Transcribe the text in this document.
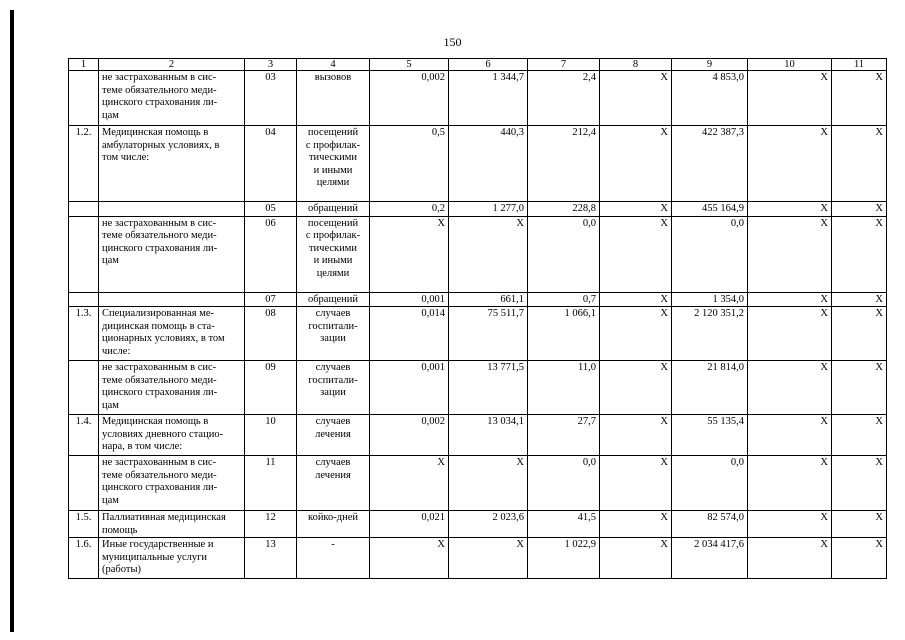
150
1	2	3	4	5	6	7	8	9	10	11
	не застрахованным в сис-
теме обязательного меди-
цинского страхования ли-
цам	03	вызовов	0,002	1 344,7	2,4	X	4 853,0	X	X
1.2.	Медицинская помощь в
амбулаторных условиях, в
том числе:	04	посещений
с профилак-
тическими
и иными
целями	0,5	440,3	212,4	X	422 387,3	X	X
		05	обращений	0,2	1 277,0	228,8	X	455 164,9	X	X
	не застрахованным в сис-
теме обязательного меди-
цинского страхования ли-
цам	06	посещений
с профилак-
тическими
и иными
целями	X	X	0,0	X	0,0	X	X
		07	обращений	0,001	661,1	0,7	X	1 354,0	X	X
1.3.	Специализированная ме-
дицинская помощь в ста-
ционарных условиях, в том
числе:	08	случаев
госпитали-
зации	0,014	75 511,7	1 066,1	X	2 120 351,2	X	X
	не застрахованным в сис-
теме обязательного меди-
цинского страхования ли-
цам	09	случаев
госпитали-
зации	0,001	13 771,5	11,0	X	21 814,0	X	X
1.4.	Медицинская помощь в
условиях дневного стацио-
нара, в том числе:	10	случаев
лечения	0,002	13 034,1	27,7	X	55 135,4	X	X
	не застрахованным в сис-
теме обязательного меди-
цинского страхования ли-
цам	11	случаев
лечения	X	X	0,0	X	0,0	X	X
1.5.	Паллиативная медицинская
помощь	12	койко-дней	0,021	2 023,6	41,5	X	82 574,0	X	X
1.6.	Иные государственные и
муниципальные услуги
(работы)	13	-	X	X	1 022,9	X	2 034 417,6	X	X
